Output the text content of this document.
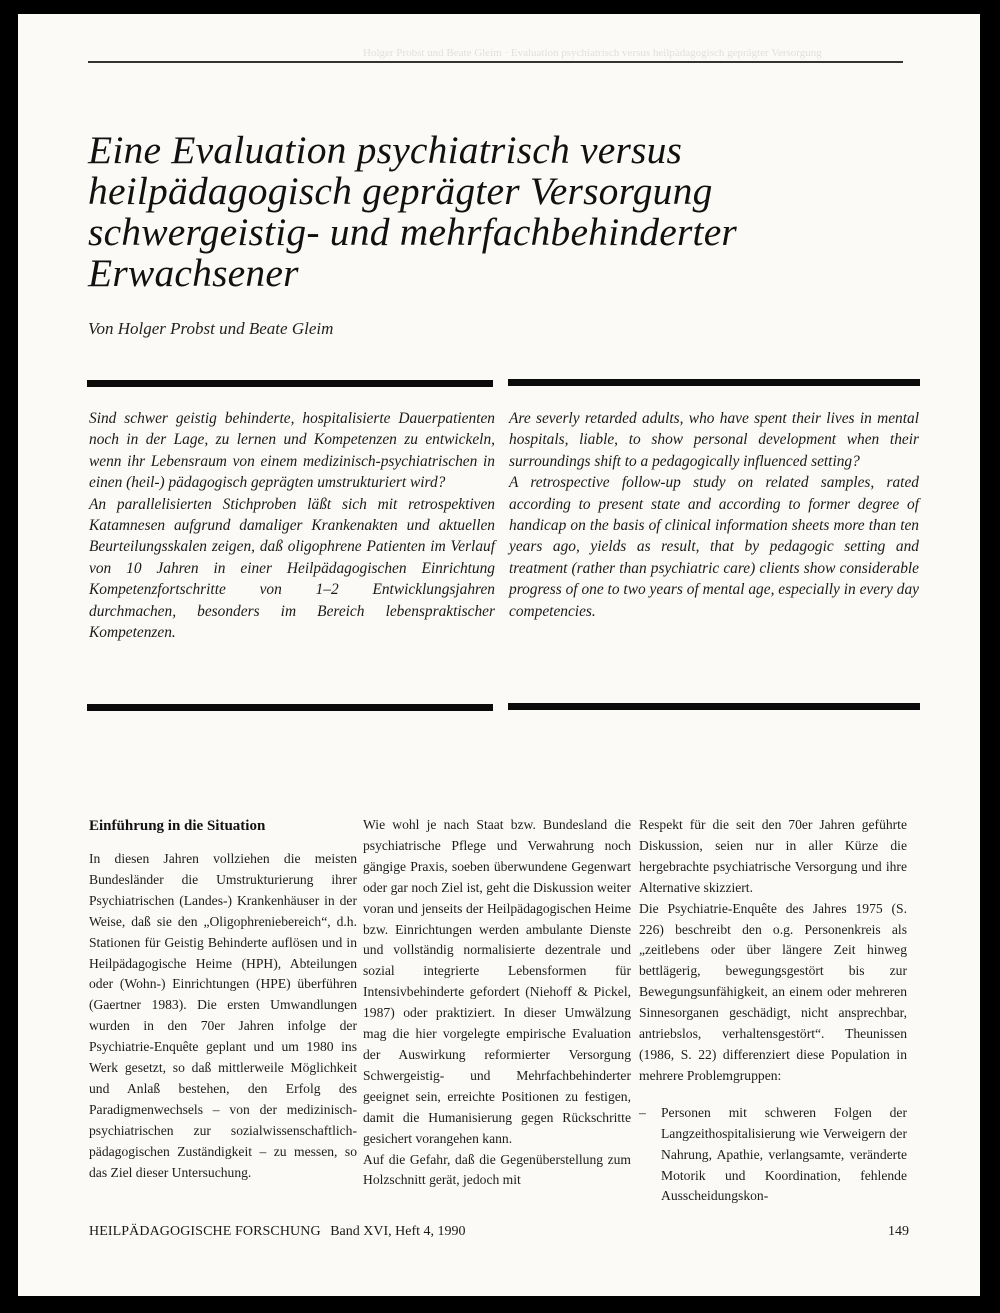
Holger Probst und Beate Gleim · Evaluation psychiatrisch versus heilpädagogisch geprägter Versorgung
Eine Evaluation psychiatrisch versus
heilpädagogisch geprägter Versorgung
schwergeistig- und mehrfachbehinderter
Erwachsener
Von Holger Probst und Beate Gleim

Sind schwer geistig behinderte, hospitalisierte Dauerpatienten noch in der Lage, zu lernen und Kompetenzen zu entwickeln, wenn ihr Lebensraum von einem medizinisch-psychiatrischen in einen (heil-) pädagogisch geprägten umstrukturiert wird?

An parallelisierten Stichproben läßt sich mit retrospektiven Katamnesen aufgrund damaliger Krankenakten und aktuellen Beurteilungsskalen zeigen, daß oligophrene Patienten im Verlauf von 10 Jahren in einer Heilpädagogischen Einrichtung Kompetenzfortschritte von 1–2 Entwicklungsjahren durchmachen, besonders im Bereich lebenspraktischer Kompetenzen.

Are severly retarded adults, who have spent their lives in mental hospitals, liable, to show personal development when their surroundings shift to a pedagogically influenced setting?

A retrospective follow-up study on related samples, rated according to present state and according to former degree of handicap on the basis of clinical information sheets more than ten years ago, yields as result, that by pedagogic setting and treatment (rather than psychiatric care) clients show considerable progress of one to two years of mental age, especially in every day competencies.

Einführung in die Situation

In diesen Jahren vollziehen die meisten Bundesländer die Umstrukturierung ihrer Psychiatrischen (Landes-) Krankenhäuser in der Weise, daß sie den „Oligophreniebereich“, d.h. Stationen für Geistig Behinderte auflösen und in Heilpädagogische Heime (HPH), Abteilungen oder (Wohn-) Einrichtungen (HPE) überführen (Gaertner 1983). Die ersten Umwandlungen wurden in den 70er Jahren infolge der Psychiatrie-Enquête geplant und um 1980 ins Werk gesetzt, so daß mittlerweile Möglichkeit und Anlaß bestehen, den Erfolg des Paradigmenwechsels – von der medizinisch-psychiatrischen zur sozialwissenschaftlich-pädagogischen Zuständigkeit – zu messen, so das Ziel dieser Untersuchung.

Wie wohl je nach Staat bzw. Bundesland die psychiatrische Pflege und Verwahrung noch gängige Praxis, soeben überwundene Gegenwart oder gar noch Ziel ist, geht die Diskussion weiter voran und jenseits der Heilpädagogischen Heime bzw. Einrichtungen werden ambulante Dienste und vollständig normalisierte dezentrale und sozial integrierte Lebensformen für Intensivbehinderte gefordert (Niehoff & Pickel, 1987) oder praktiziert. In dieser Umwälzung mag die hier vorgelegte empirische Evaluation der Auswirkung reformierter Versorgung Schwergeistig- und Mehrfachbehinderter geeignet sein, erreichte Positionen zu festigen, damit die Humanisierung gegen Rückschritte gesichert vorangehen kann.

Auf die Gefahr, daß die Gegenüberstellung zum Holzschnitt gerät, jedoch mit

Respekt für die seit den 70er Jahren geführte Diskussion, seien nur in aller Kürze die hergebrachte psychiatrische Versorgung und ihre Alternative skizziert.

Die Psychiatrie-Enquête des Jahres 1975 (S. 226) beschreibt den o.g. Personenkreis als „zeitlebens oder über längere Zeit hinweg bettlägerig, bewegungsgestört bis zur Bewegungsunfähigkeit, an einem oder mehreren Sinnesorganen geschädigt, nicht ansprechbar, antriebslos, verhaltensgestört“. Theunissen (1986, S. 22) differenziert diese Population in mehrere Problemgruppen:

– Personen mit schweren Folgen der Langzeithospitalisierung wie Verweigern der Nahrung, Apathie, verlangsamte, veränderte Motorik und Koordination, fehlende Ausscheidungskon-
HEILPÄDAGOGISCHE FORSCHUNG Band XVI, Heft 4, 1990	149
